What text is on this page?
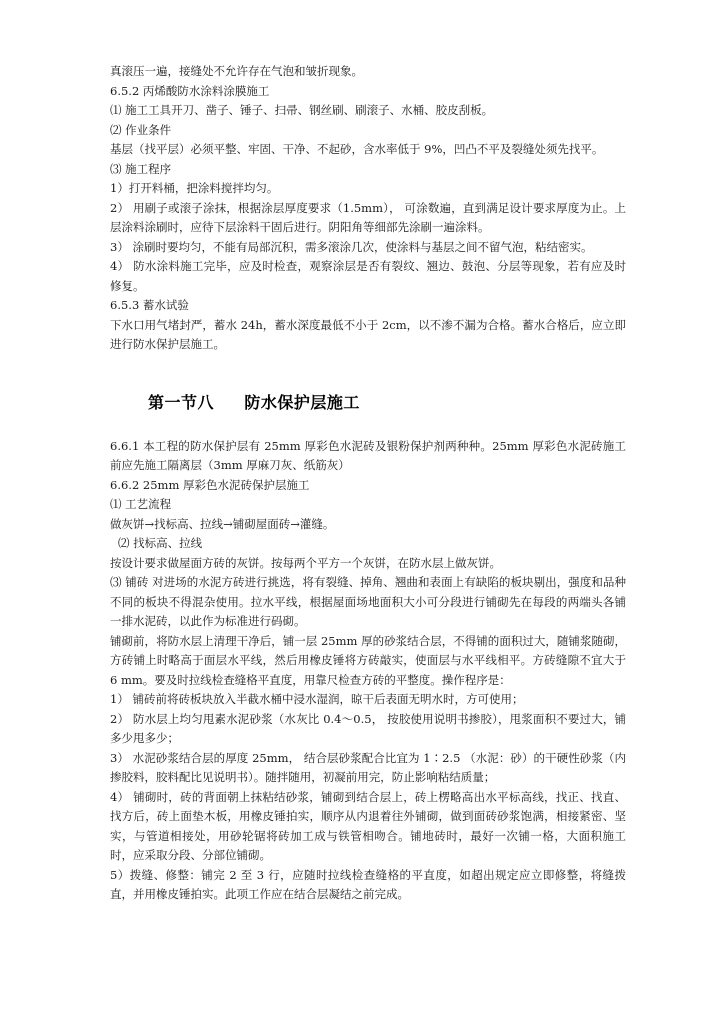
真滚压一遍，接缝处不允许存在气泡和皱折现象。

6.5.2 丙烯酸防水涂料涂膜施工

⑴ 施工工具开刀、凿子、锤子、扫帚、钢丝刷、刷滚子、水桶、胶皮刮板。

⑵ 作业条件

基层（找平层）必须平整、牢固、干净、不起砂，含水率低于 9%，凹凸不平及裂缝处须先找平。

⑶ 施工程序

1）打开料桶，把涂料搅拌均匀。

2） 用刷子或滚子涂抹，根据涂层厚度要求（1.5mm）， 可涂数遍，直到满足设计要求厚度为止。上层涂料涂刷时，应待下层涂料干固后进行。阴阳角等细部先涂刷一遍涂料。

3） 涂刷时要均匀，不能有局部沉积，需多滚涂几次，使涂料与基层之间不留气泡，粘结密实。

4） 防水涂料施工完毕，应及时检查，观察涂层是否有裂纹、翘边、鼓泡、分层等现象，若有应及时修复。

6.5.3 蓄水试验

下水口用气堵封严，蓄水 24h，蓄水深度最低不小于 2cm，以不渗不漏为合格。蓄水合格后，应立即进行防水保护层施工。

第一节八     防水保护层施工

6.6.1 本工程的防水保护层有 25mm 厚彩色水泥砖及银粉保护剂两种种。25mm 厚彩色水泥砖施工前应先施工隔离层（3mm 厚麻刀灰、纸筋灰）

6.6.2 25mm 厚彩色水泥砖保护层施工

⑴ 工艺流程

做灰饼→找标高、拉线→铺砌屋面砖→灌缝。

⑵ 找标高、拉线

按设计要求做屋面方砖的灰饼。按每两个平方一个灰饼，在防水层上做灰饼。

⑶ 铺砖 对进场的水泥方砖进行挑选，将有裂缝、掉角、翘曲和表面上有缺陷的板块剔出，强度和品种不同的板块不得混杂使用。拉水平线，根据屋面场地面积大小可分段进行铺砌先在每段的两端头各铺一排水泥砖，以此作为标准进行码砌。

铺砌前，将防水层上清理干净后，铺一层 25mm 厚的砂浆结合层，不得铺的面积过大，随铺浆随砌，方砖铺上时略高于面层水平线，然后用橡皮锤将方砖敲实，使面层与水平线相平。方砖缝隙不宜大于 6 mm。要及时拉线检查缝格平直度，用靠尺检查方砖的平整度。操作程序是：

1） 铺砖前将砖板块放入半截水桶中浸水湿润，晾干后表面无明水时，方可使用；

2） 防水层上均匀甩素水泥砂浆（水灰比 0.4～0.5， 按胶使用说明书掺胶），甩浆面积不要过大，铺多少甩多少；

3） 水泥砂浆结合层的厚度 25mm， 结合层砂浆配合比宜为 1∶2.5 （水泥：砂）的干硬性砂浆（内掺胶料，胶料配比见说明书）。随拌随用，初凝前用完，防止影响粘结质量；

4） 铺砌时，砖的背面朝上抹粘结砂浆，铺砌到结合层上，砖上楞略高出水平标高线，找正、找直、找方后，砖上面垫木板，用橡皮锤拍实，顺序从内退着往外铺砌，做到面砖砂浆饱满，相接紧密、坚实，与管道相接处，用砂轮锯将砖加工成与铁管相吻合。铺地砖时，最好一次铺一格，大面积施工时，应采取分段、分部位铺砌。

5）拨缝、修整：铺完 2 至 3 行，应随时拉线检查缝格的平直度，如超出规定应立即修整，将缝拨直，并用橡皮锤拍实。此项工作应在结合层凝结之前完成。
